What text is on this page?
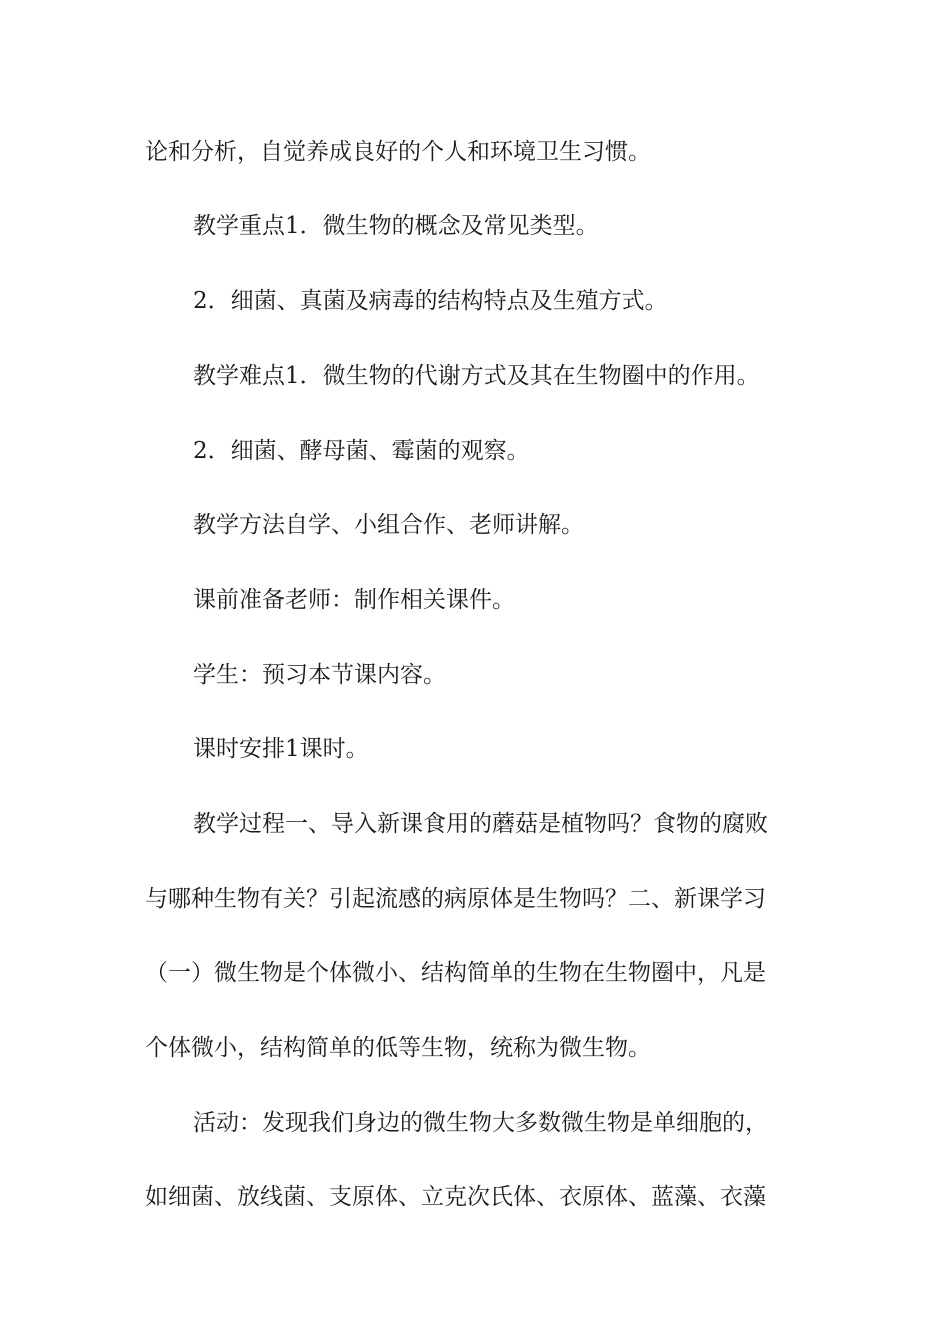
论和分析，自觉养成良好的个人和环境卫生习惯。
教学重点1．微生物的概念及常见类型。
2．细菌、真菌及病毒的结构特点及生殖方式。
教学难点1．微生物的代谢方式及其在生物圈中的作用。
2．细菌、酵母菌、霉菌的观察。
教学方法自学、小组合作、老师讲解。
课前准备老师：制作相关课件。
学生：预习本节课内容。
课时安排1课时。
教学过程一、导入新课食用的蘑菇是植物吗？食物的腐败
与哪种生物有关？引起流感的病原体是生物吗？二、新课学习
（一）微生物是个体微小、结构简单的生物在生物圈中，凡是
个体微小，结构简单的低等生物，统称为微生物。
活动：发现我们身边的微生物大多数微生物是单细胞的，
如细菌、放线菌、支原体、立克次氏体、衣原体、蓝藻、衣藻
